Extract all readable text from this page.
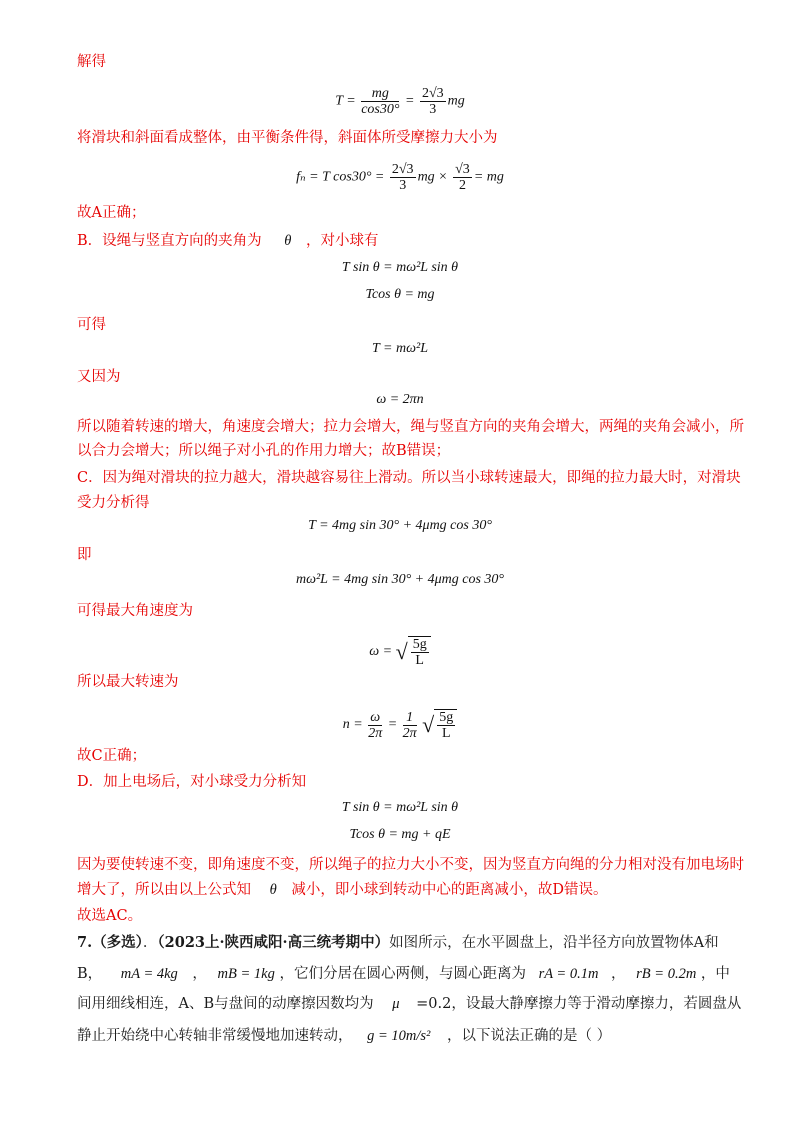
解得
$T = \frac{mg}{\cos 30^\circ} = \frac{2√3}{3}$ mg
将滑块和斜面看成整体，由平衡条件得，斜面体所受摩擦力大小为
fₙ = T $\cos 30^\circ = \frac{2√3}{3}$ mg × $\frac{√3}{2}$ = mg
故A正确；
B．设绳与竖直方向的夹角为 θ ，对小球有
T sin θ = mω²L sin θ
Tcos θ = mg
可得
T = mω²L
又因为
ω = 2πn
所以随着转速的增大，角速度会增大；拉力会增大，绳与竖直方向的夹角会增大，两绳的夹角会减小，所
以合力会增大；所以绳子对小孔的作用力增大；故B错误；
C．因为绳对滑块的拉力越大，滑块越容易往上滑动。所以当小球转速最大，即绳的拉力最大时，对滑块
受力分析得
T = 4mg sin 30° + 4μmg cos 30°
即
mω²L = 4mg sin 30° + 4μmg cos 30°
可得最大角速度为
ω = √ $\frac{5g}{L}$
所以最大转速为
$n = \frac{\omega}{2\pi} = \frac{1}{2\pi}$ √ $\frac{5g}{L}$
故C正确；
D．加上电场后，对小球受力分析知
T sin θ = mω²L sin θ
Tcos θ = mg + qE
因为要使转速不变，即角速度不变，所以绳子的拉力大小不变，因为竖直方向绳的分力相对没有加电场时
增大了，所以由以上公式知 θ 减小，即小球到转动中心的距离减小，故D错误。
故选AC。
7.（多选）．（2023上·陕西咸阳·高三统考期中）如图所示，在水平圆盘上，沿半径方向放置物体A和
B， mA = 4kg ， mB = 1kg ，它们分居在圆心两侧，与圆心距离为 rA = 0.1m ， rB = 0.2m ，中
间用细线相连，A、B与盘间的动摩擦因数均为 μ =0.2，设最大静摩擦力等于滑动摩擦力，若圆盘从
静止开始绕中心转轴非常缓慢地加速转动， g = 10m/s² ，以下说法正确的是（ ）
